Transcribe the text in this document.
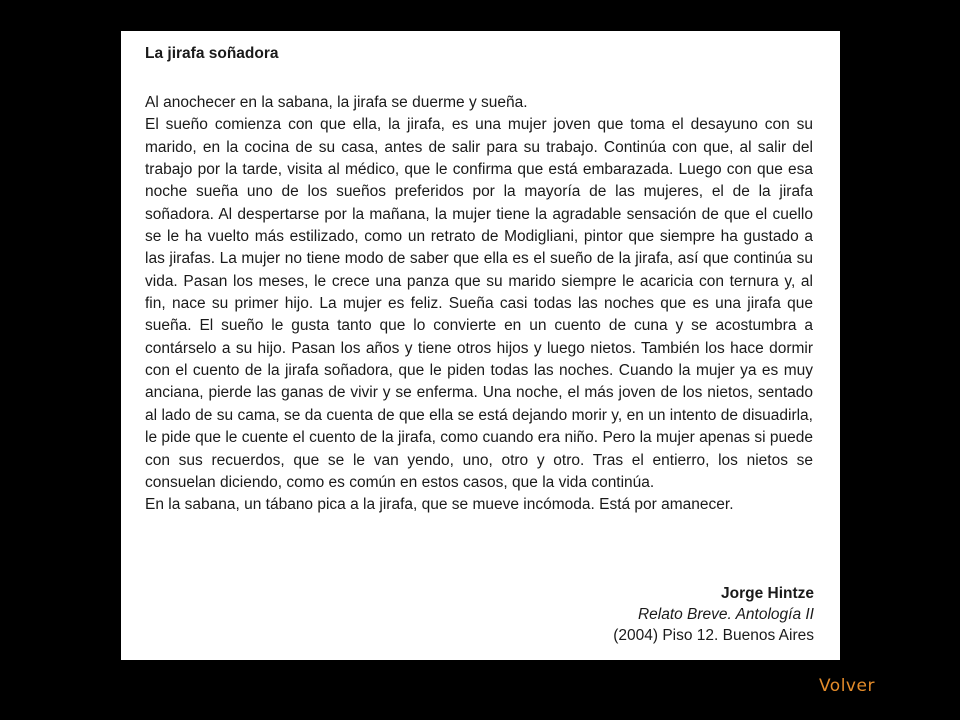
La jirafa soñadora

Al anochecer en la sabana, la jirafa se duerme y sueña.

El sueño comienza con que ella, la jirafa, es una mujer joven que toma el desayuno con su marido, en la cocina de su casa, antes de salir para su trabajo. Continúa con que, al salir del trabajo por la tarde, visita al médico, que le confirma que está embarazada. Luego con que esa noche sueña uno de los sueños preferidos por la mayoría de las mujeres, el de la jirafa soñadora. Al despertarse por la mañana, la mujer tiene la agradable sensación de que el cuello se le ha vuelto más estilizado, como un retrato de Modigliani, pintor que siempre ha gustado a las jirafas. La mujer no tiene modo de saber que ella es el sueño de la jirafa, así que continúa su vida. Pasan los meses, le crece una panza que su marido siempre le acaricia con ternura y, al fin, nace su primer hijo. La mujer es feliz. Sueña casi todas las noches que es una jirafa que sueña. El sueño le gusta tanto que lo convierte en un cuento de cuna y se acostumbra a contárselo a su hijo. Pasan los años y tiene otros hijos y luego nietos. También los hace dormir con el cuento de la jirafa soñadora, que le piden todas las noches. Cuando la mujer ya es muy anciana, pierde las ganas de vivir y se enferma. Una noche, el más joven de los nietos, sentado al lado de su cama, se da cuenta de que ella se está dejando morir y, en un intento de disuadirla, le pide que le cuente el cuento de la jirafa, como cuando era niño. Pero la mujer apenas si puede con sus recuerdos, que se le van yendo, uno, otro y otro. Tras el entierro, los nietos se consuelan diciendo, como es común en estos casos, que la vida continúa.

En la sabana, un tábano pica a la jirafa, que se mueve incómoda. Está por amanecer.

Jorge Hintze
Relato Breve. Antología II
(2004) Piso 12. Buenos Aires
Volver
